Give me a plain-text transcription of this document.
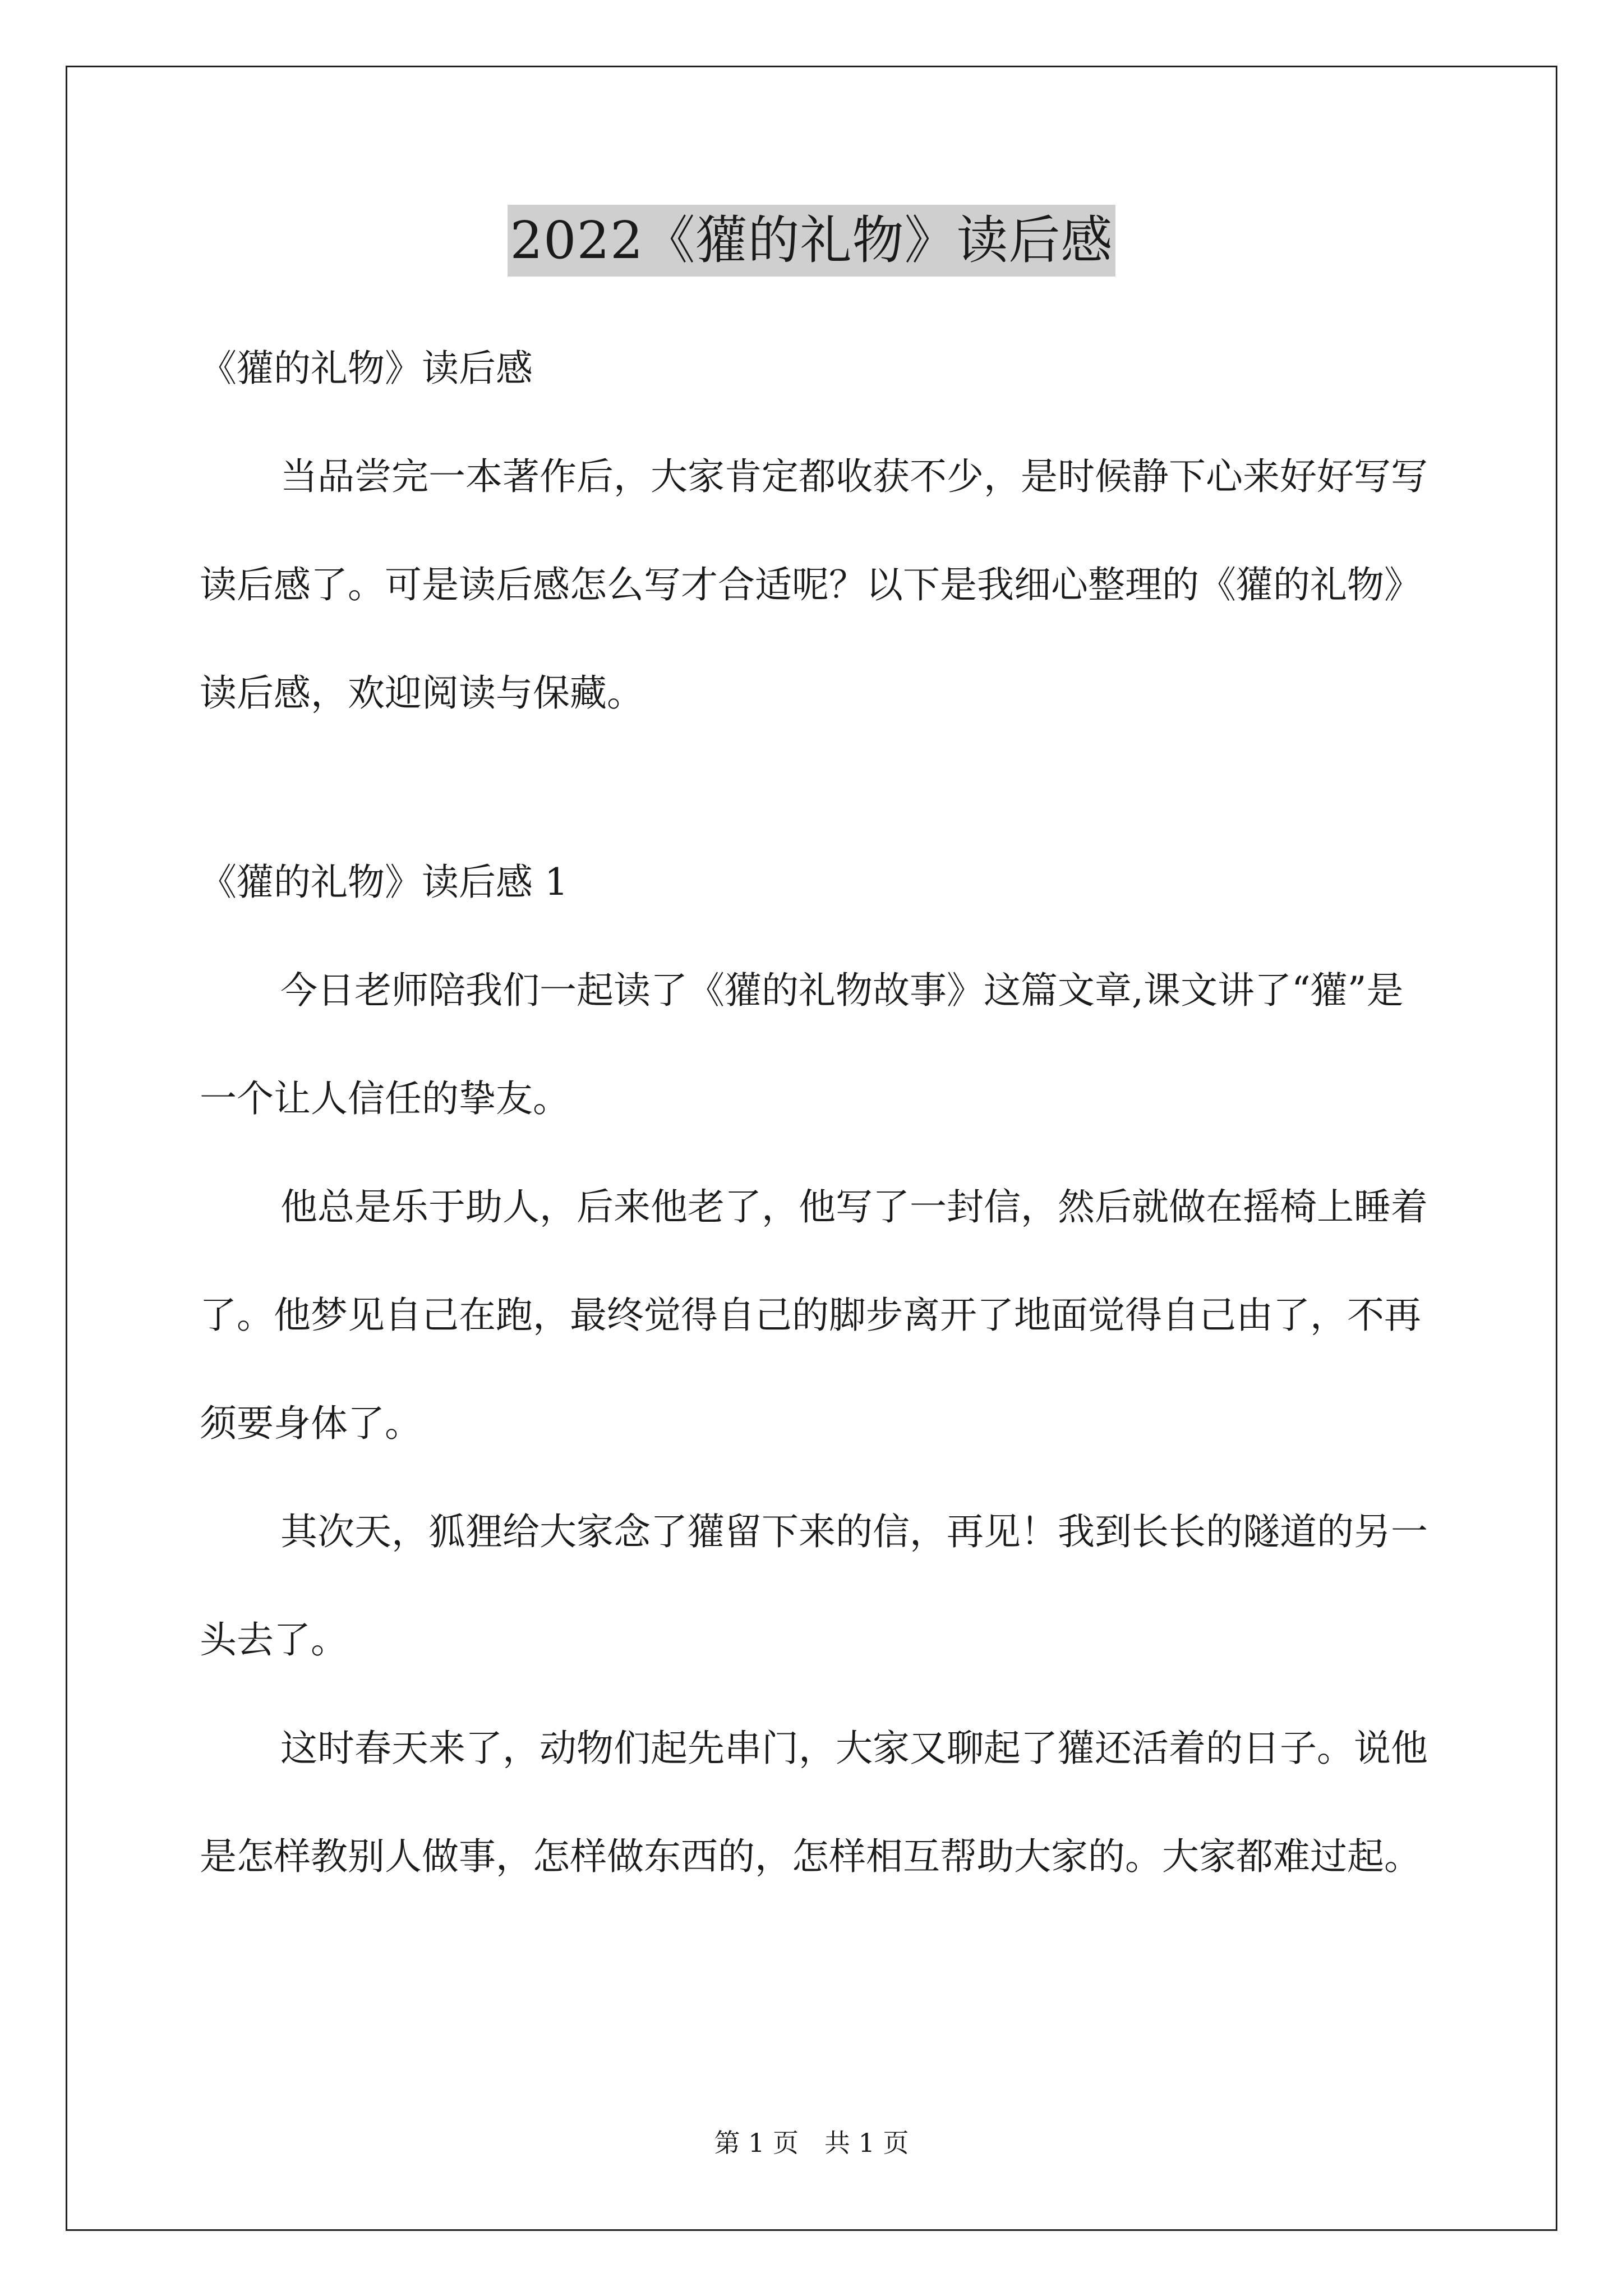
2022《獾的礼物》读后感

《獾的礼物》读后感

当品尝完一本著作后，大家肯定都收获不少，是时候静下心来好好写写读后感了。可是读后感怎么写才合适呢？以下是我细心整理的《獾的礼物》读后感，欢迎阅读与保藏。

《獾的礼物》读后感 1

今日老师陪我们一起读了《獾的礼物故事》这篇文章,课文讲了“獾”是一个让人信任的挚友。

他总是乐于助人，后来他老了，他写了一封信，然后就做在摇椅上睡着了。他梦见自己在跑，最终觉得自己的脚步离开了地面觉得自己由了，不再须要身体了。

其次天，狐狸给大家念了獾留下来的信，再见！我到长长的隧道的另一头去了。

这时春天来了，动物们起先串门，大家又聊起了獾还活着的日子。说他是怎样教别人做事，怎样做东西的，怎样相互帮助大家的。大家都难过起。

第 1 页　共 1 页
